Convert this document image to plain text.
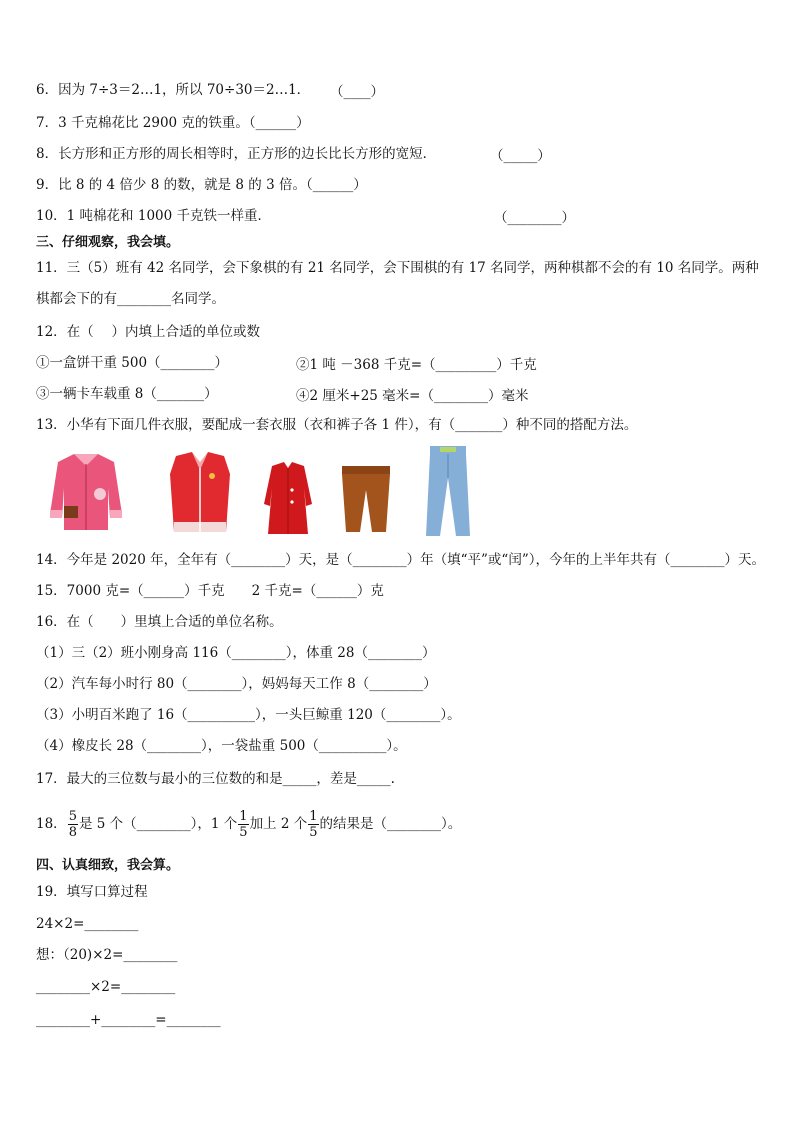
6．因为 7÷3＝2…1，所以 70÷30＝2…1． （____）
7．3 千克棉花比 2900 克的铁重。（______）
8．长方形和正方形的周长相等时，正方形的边长比长方形的宽短．	（_____）
9．比 8 的 4 倍少 8 的数，就是 8 的 3 倍。（______）
10．1 吨棉花和 1000 千克铁一样重．	（________）
三、仔细观察，我会填。
11．三（5）班有 42 名同学，会下象棋的有 21 名同学，会下围棋的有 17 名同学，两种棋都不会的有 10 名同学。两种
棋都会下的有________名同学。
12．在（　 ）内填上合适的单位或数
①一盒饼干重 500（________）	②1 吨 －368 千克=（_________）千克
③一辆卡车载重 8（_______）	④2 厘米+25 毫米=（________）毫米
13．小华有下面几件衣服，要配成一套衣服（衣和裤子各 1 件），有（_______）种不同的搭配方法。
14．今年是 2020 年，全年有（________）天，是（________）年（填“平”或“闰”），今年的上半年共有（________）天。
15．7000 克=（______）千克　　2 千克=（______）克
16．在（　　）里填上合适的单位名称。
（1）三（2）班小刚身高 116（________），体重 28（________）
（2）汽车每小时行 80（________），妈妈每天工作 8（________）
（3）小明百米跑了 16（__________），一头巨鲸重 120（________）。
（4）橡皮长 28（________），一袋盐重 500（__________）。
17．最大的三位数与最小的三位数的和是_____，差是_____.
18． $\frac{5}{8}$ 是 5 个（________），1 个 $\frac{1}{5}$ 加上 2 个 $\frac{1}{5}$ 的结果是（________）。
四、认真细致，我会算。
19．填写口算过程
24×2=________
想：（20)×2=________
________×2=________
________+________=________
